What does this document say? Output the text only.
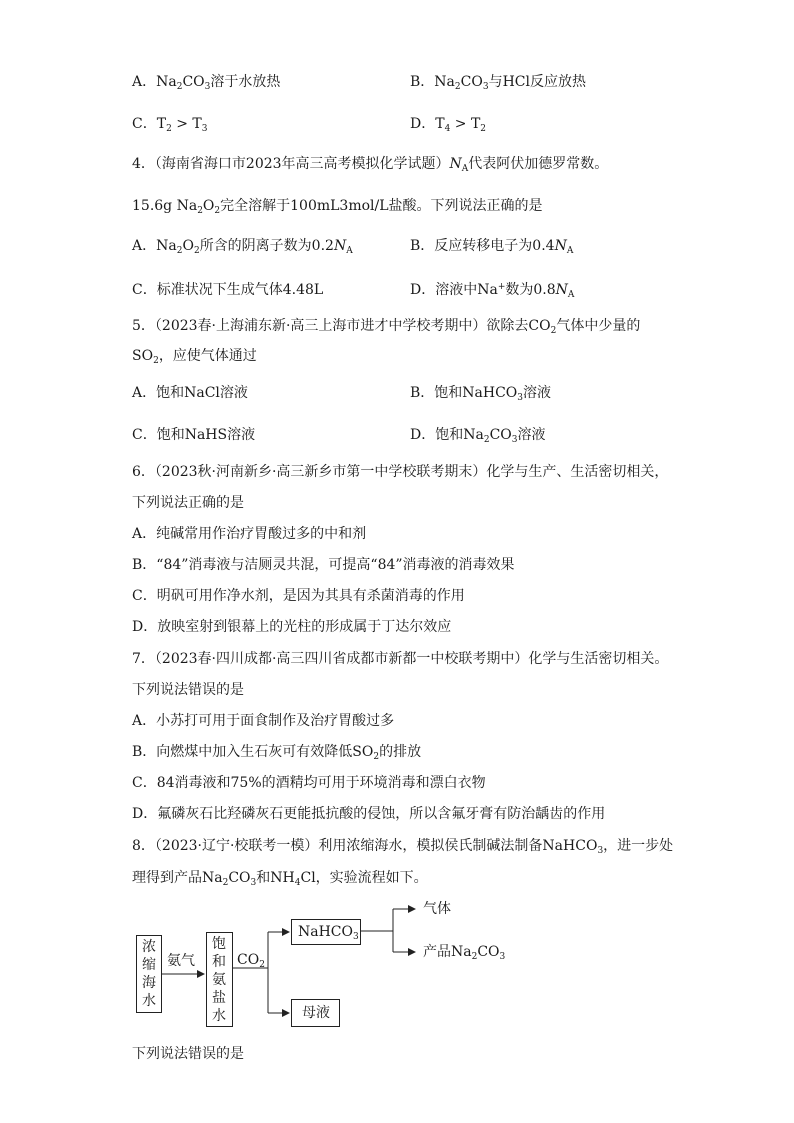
A．$Na_2CO_3$溶于水放热	B．$Na_2CO_3$与HCl反应放热
C．$T_2 > T_3$	D．$T_4 > T_2$
4．（海南省海口市2023年高三高考模拟化学试题）$N_A$代表阿伏加德罗常数。
15.6g $Na_2O_2$完全溶解于100mL3mol/L盐酸。下列说法正确的是
A．$Na_2O_2$所含的阴离子数为$0.2N_A$	B．反应转移电子为$0.4N_A$
C．标准状况下生成气体4.48L	D．溶液中Na+数为$0.8N_A$
5．（2023春·上海浦东新·高三上海市进才中学校考期中）欲除去$CO_2$气体中少量的
$SO_2$，应使气体通过
A．饱和NaCl溶液	B．饱和NaHCO$_3$溶液
C．饱和NaHS溶液	D．饱和$Na_2CO_3$溶液
6．（2023秋·河南新乡·高三新乡市第一中学校联考期末）化学与生产、生活密切相关，
下列说法正确的是
A．纯碱常用作治疗胃酸过多的中和剂
B．“84”消毒液与洁厕灵共混，可提高“84”消毒液的消毒效果
C．明矾可用作净水剂，是因为其具有杀菌消毒的作用
D．放映室射到银幕上的光柱的形成属于丁达尔效应
7．（2023春·四川成都·高三四川省成都市新都一中校联考期中）化学与生活密切相关。
下列说法错误的是
A．小苏打可用于面食制作及治疗胃酸过多
B．向燃煤中加入生石灰可有效降低$SO_2$的排放
C．84消毒液和75%的酒精均可用于环境消毒和漂白衣物
D．氟磷灰石比羟磷灰石更能抵抗酸的侵蚀，所以含氟牙膏有防治龋齿的作用
8．（2023·辽宁·校联考一模）利用浓缩海水，模拟侯氏制碱法制备NaHCO$_3$，进一步处
理得到产品$Na_2CO_3$和$NH_4Cl$，实验流程如下。
浓
缩
海
水
氨气
饱
和
氨
盐
水
$CO_2$
NaHCO$_3$
气体
产品$Na_2CO_3$
母液
下列说法错误的是
